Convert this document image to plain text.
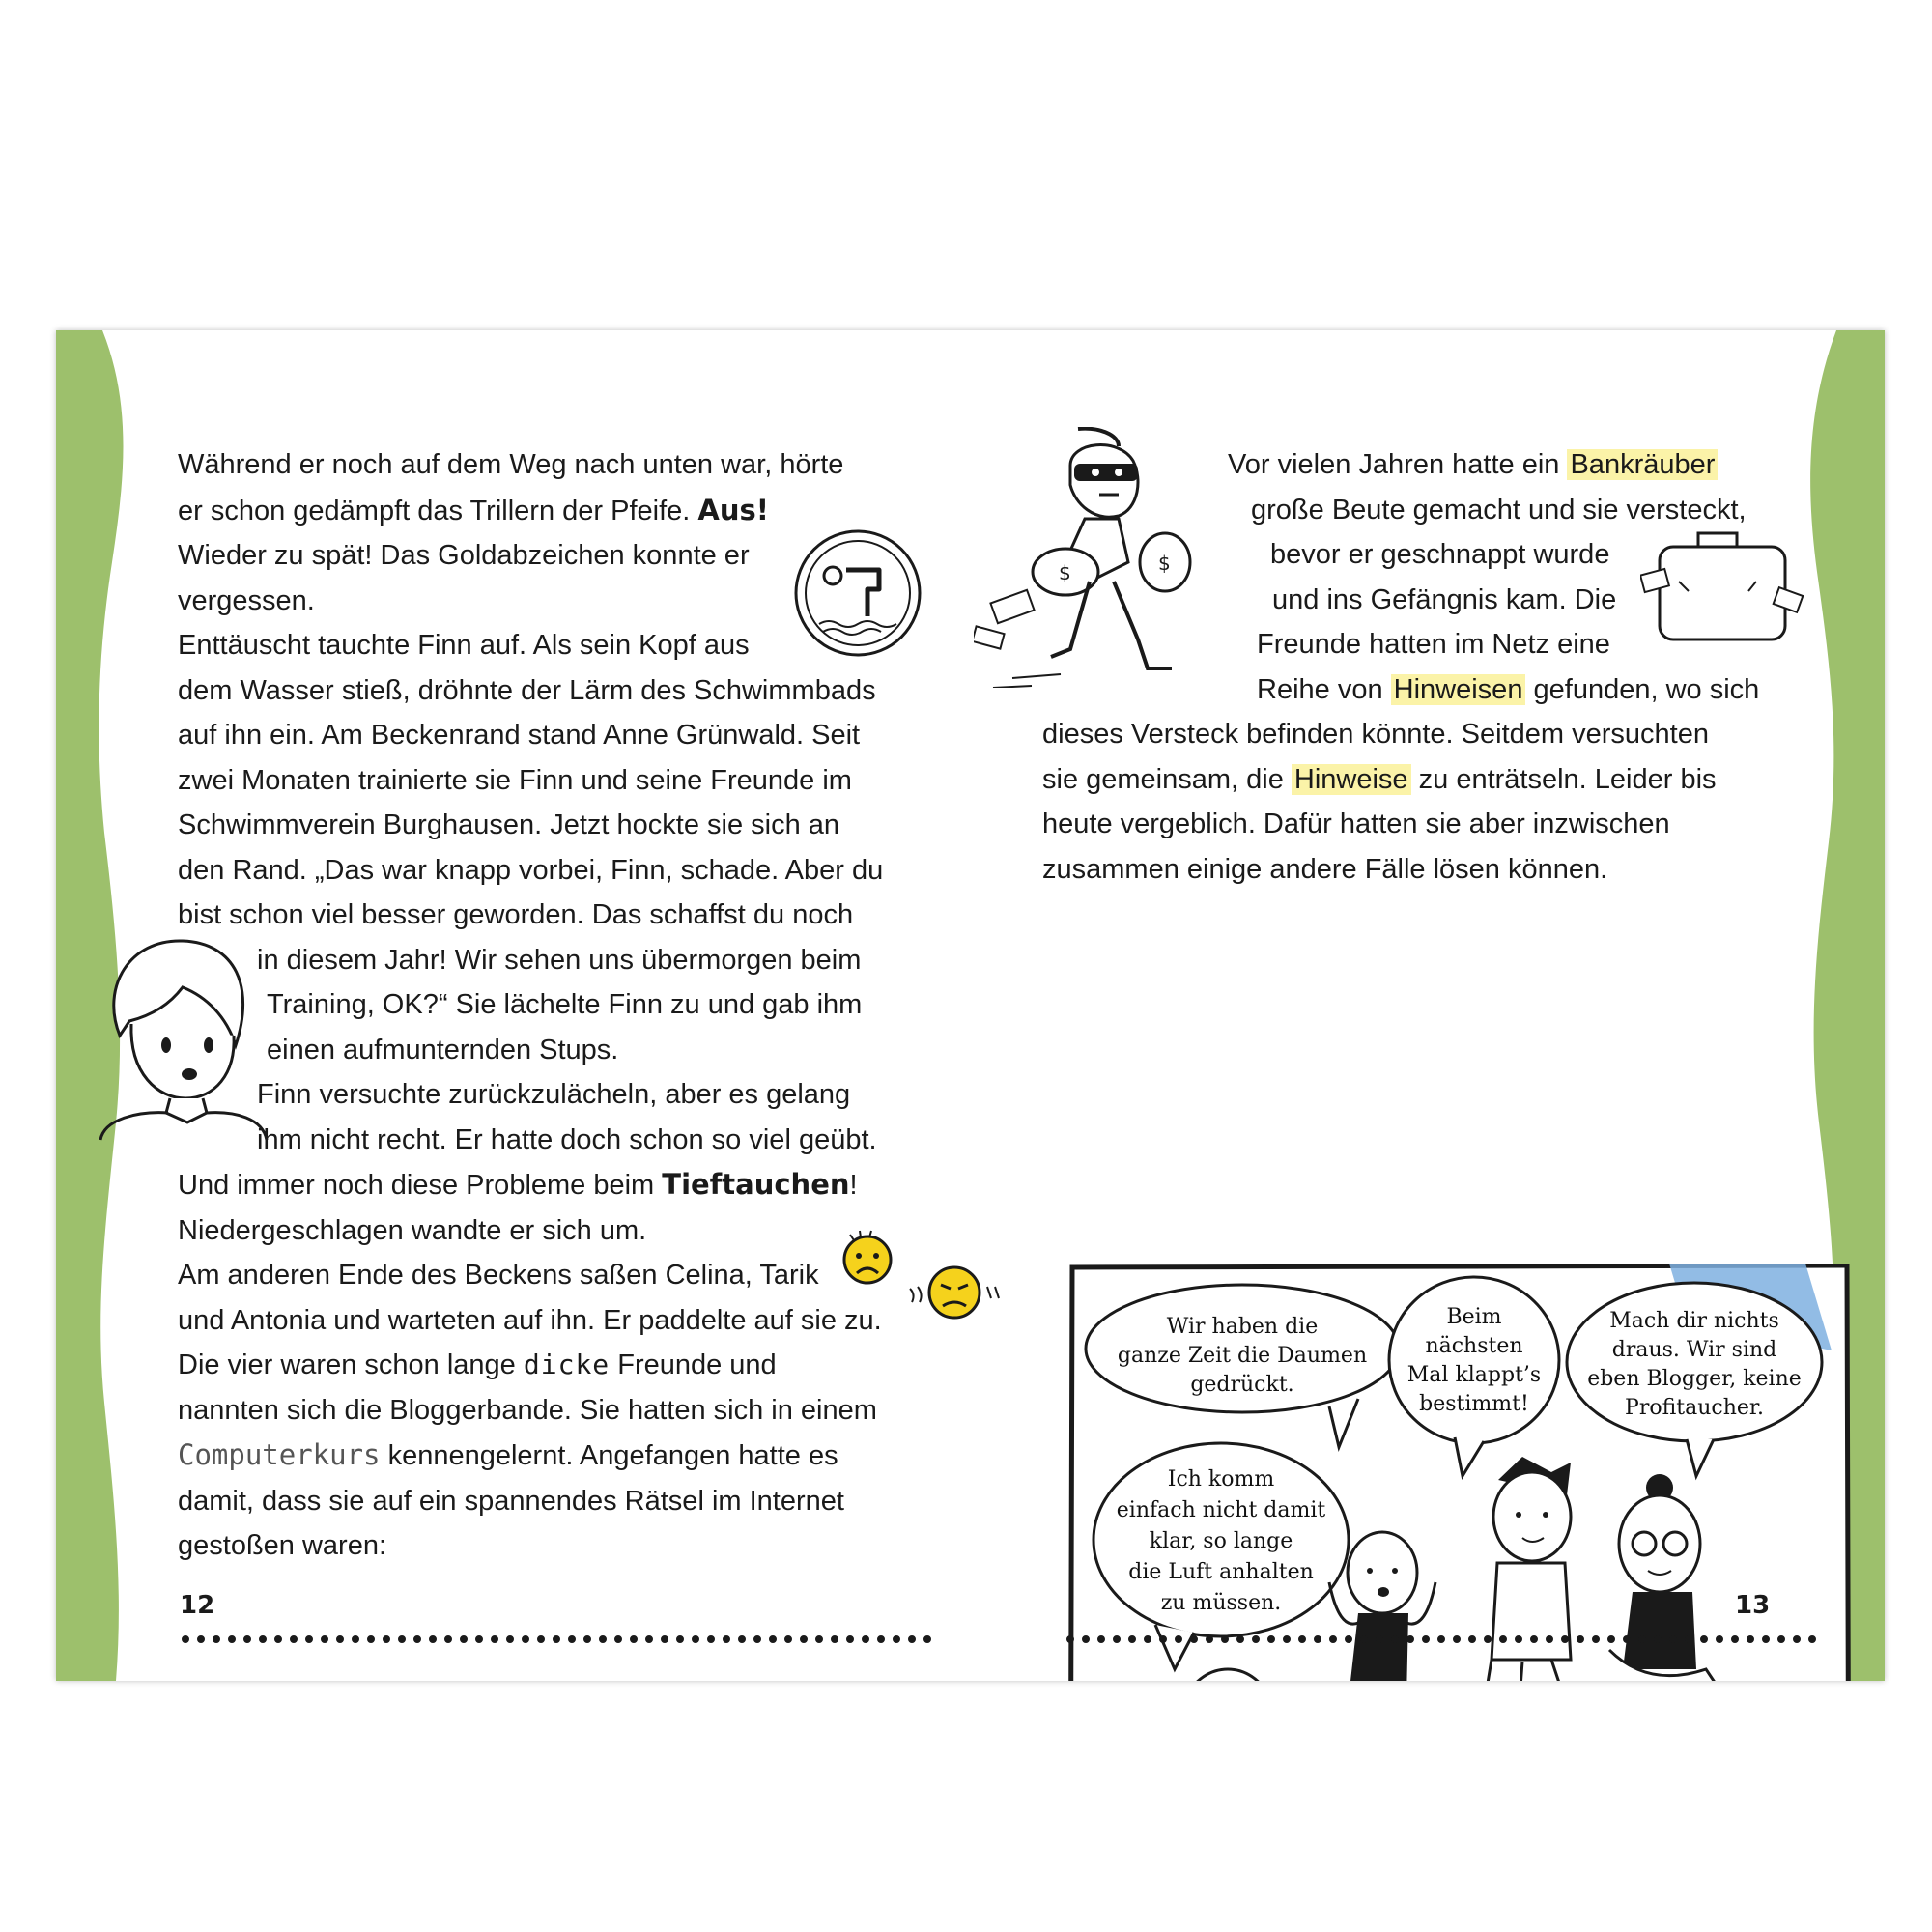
Während er noch auf dem Weg nach unten war, hörte
er schon gedämpft das Trillern der Pfeife. Aus!
Wieder zu spät! Das Goldabzeichen konnte er
vergessen.
Enttäuscht tauchte Finn auf. Als sein Kopf aus
dem Wasser stieß, dröhnte der Lärm des Schwimmbads
auf ihn ein. Am Beckenrand stand Anne Grünwald. Seit
zwei Monaten trainierte sie Finn und seine Freunde im
Schwimmverein Burghausen. Jetzt hockte sie sich an
den Rand. „Das war knapp vorbei, Finn, schade. Aber du
bist schon viel besser geworden. Das schaffst du noch
in diesem Jahr! Wir sehen uns übermorgen beim
Training, OK?“ Sie lächelte Finn zu und gab ihm
einen aufmunternden Stups.
Finn versuchte zurückzulächeln, aber es gelang
ihm nicht recht. Er hatte doch schon so viel geübt.
Und immer noch diese Probleme beim Tieftauchen!
Niedergeschlagen wandte er sich um.
Am anderen Ende des Beckens saßen Celina, Tarik
und Antonia und warteten auf ihn. Er paddelte auf sie zu.
Die vier waren schon lange dicke Freunde und
nannten sich die Bloggerbande. Sie hatten sich in einem
Computerkurs kennengelernt. Angefangen hatte es
damit, dass sie auf ein spannendes Rätsel im Internet
gestoßen waren:
Vor vielen Jahren hatte ein Bankräuber
große Beute gemacht und sie versteckt,
bevor er geschnappt wurde
und ins Gefängnis kam. Die
Freunde hatten im Netz eine
Reihe von Hinweisen gefunden, wo sich
dieses Versteck befinden könnte. Seitdem versuchten
sie gemeinsam, die Hinweise zu enträtseln. Leider bis
heute vergeblich. Dafür hatten sie aber inzwischen
zusammen einige andere Fälle lösen können.
$	$
Wir haben die
ganze Zeit die Daumen
gedrückt.
Beim
nächsten
Mal klappt’s
bestimmt!
Mach dir nichts
draus. Wir sind
eben Blogger, keine
Profitaucher.
Ich komm
einfach nicht damit
klar, so lange
die Luft anhalten
zu müssen.
12	13
